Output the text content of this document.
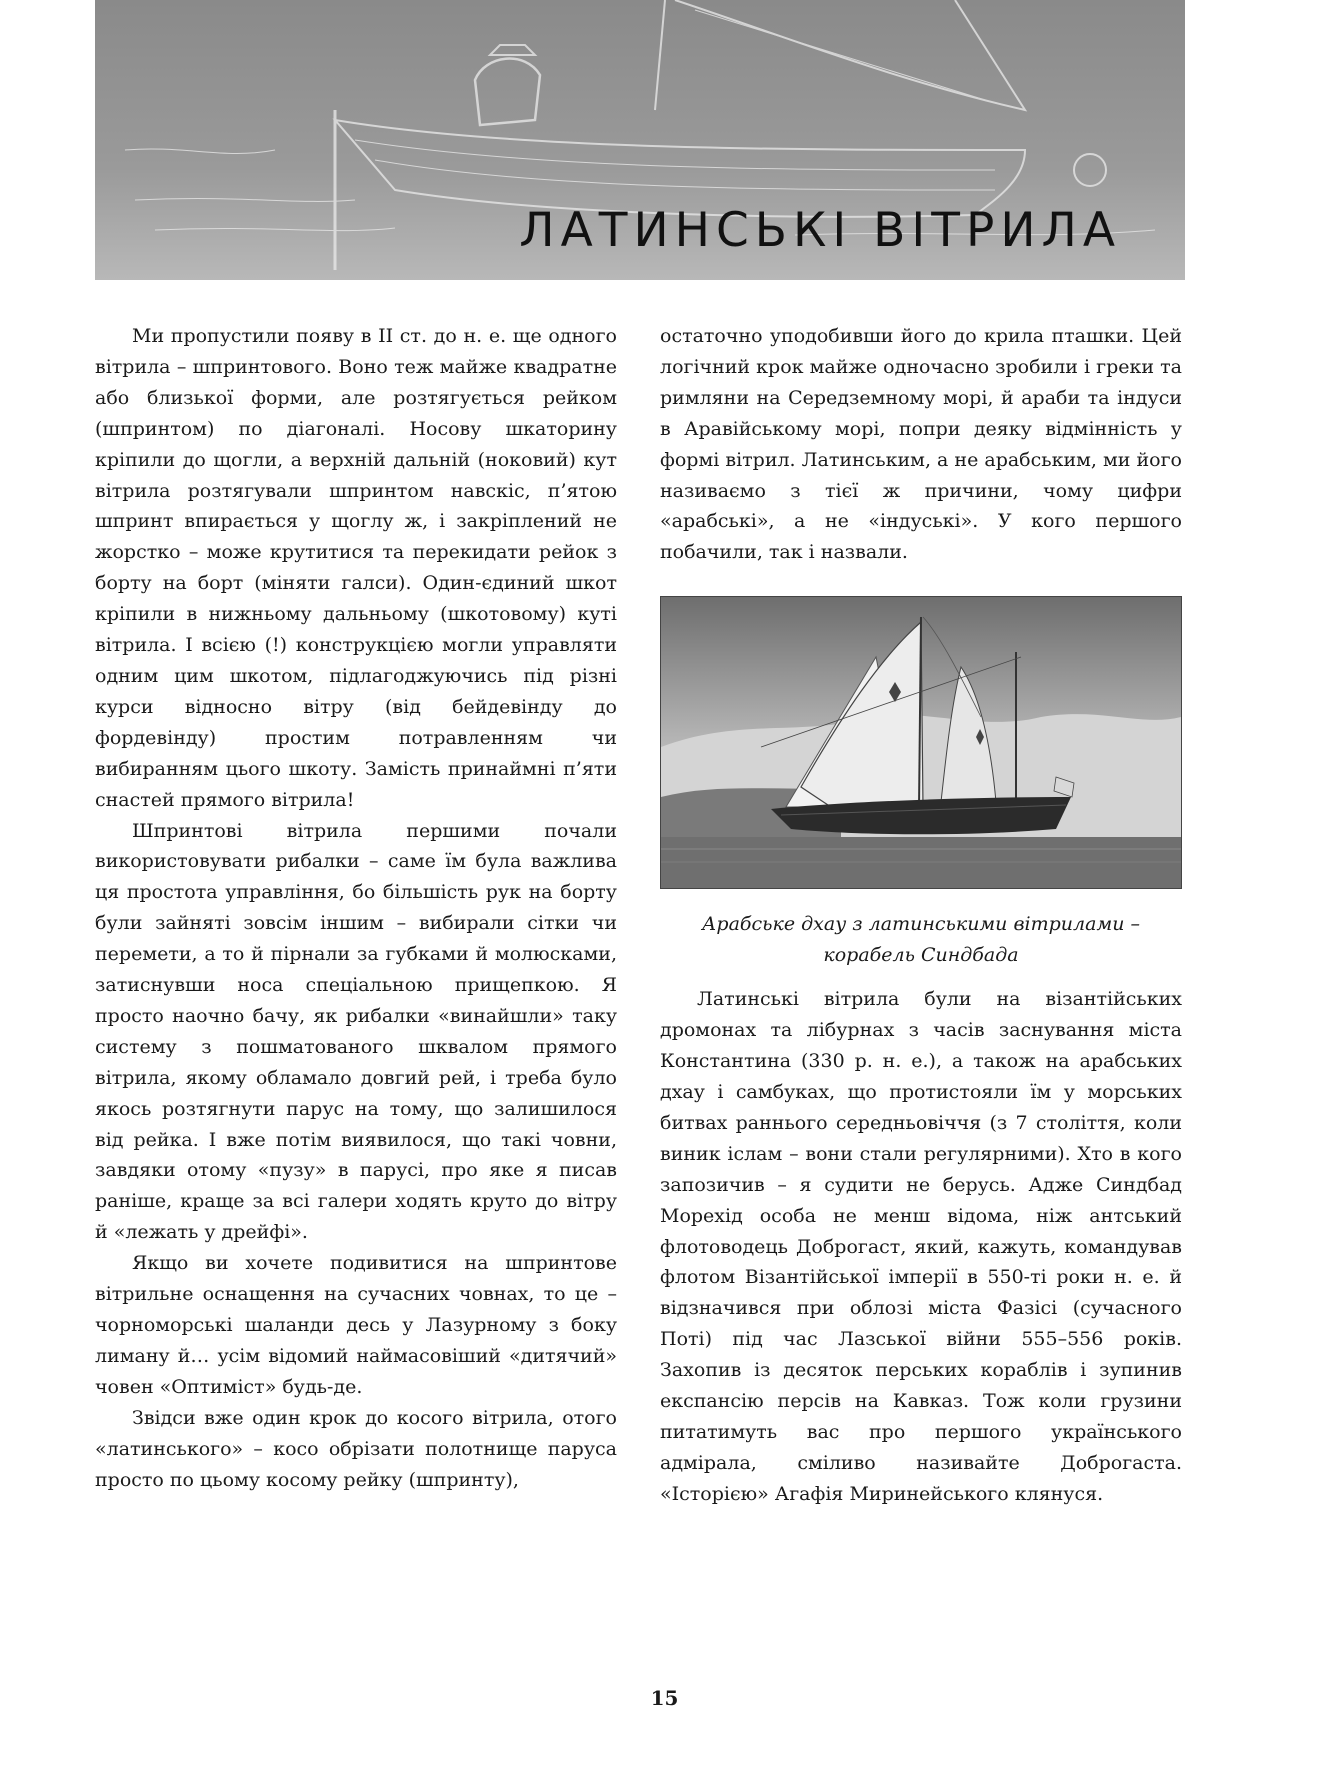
ЛАТИНСЬКІ ВІТРИЛА

Ми пропустили появу в II ст. до н. е. ще одного вітрила – шпринтового. Воно теж майже квадратне або близької форми, але розтягується рейком (шпринтом) по діагоналі. Носову шкаторину кріпили до щогли, а верхній дальній (ноковий) кут вітрила розтягували шпринтом навскіс, п’ятою шпринт впирається у щоглу ж, і закріплений не жорстко – може крутитися та перекидати рейок з борту на борт (міняти галси). Один-єдиний шкот кріпили в нижньому дальньому (шкотовому) куті вітрила. І всією (!) конструкцією могли управляти одним цим шкотом, підлагоджуючись під різні курси відносно вітру (від бейдевінду до фордевінду) простим потравленням чи вибиранням цього шкоту. Замість принаймні п’яти снастей прямого вітрила!

Шпринтові вітрила першими почали використовувати рибалки – саме їм була важлива ця простота управління, бо більшість рук на борту були зайняті зовсім іншим – вибирали сітки чи перемети, а то й пірнали за губками й молюсками, затиснувши носа спеціальною прищепкою. Я просто наочно бачу, як рибалки «винайшли» таку систему з пошматованого шквалом прямого вітрила, якому обламало довгий рей, і треба було якось розтягнути парус на тому, що залишилося від рейка. І вже потім виявилося, що такі човни, завдяки отому «пузу» в парусі, про яке я писав раніше, краще за всі галери ходять круто до вітру й «лежать у дрейфі».

Якщо ви хочете подивитися на шпринтове вітрильне оснащення на сучасних човнах, то це – чорноморські шаланди десь у Лазурному з боку лиману й… усім відомий наймасовіший «дитячий» човен «Оптиміст» будь-де.

Звідси вже один крок до косого вітрила, отого «латинського» – косо обрізати полотнище паруса просто по цьому косому рейку (шпринту),

остаточно уподобивши його до крила пташки. Цей логічний крок майже одночасно зробили і греки та римляни на Середземному морі, й араби та індуси в Аравійському морі, попри деяку відмінність у формі вітрил. Латинським, а не арабським, ми його називаємо з тієї ж причини, чому цифри «арабські», а не «індуські». У кого першого побачили, так і назвали.

Арабське дхау з латинськими вітрилами –
корабель Синдбада

Латинські вітрила були на візантійських дромонах та лібурнах з часів заснування міста Константина (330 р. н. е.), а також на арабських дхау і самбуках, що протистояли їм у морських битвах раннього середньовіччя (з 7 століття, коли виник іслам – вони стали регулярними). Хто в кого запозичив – я судити не берусь. Адже Синдбад Морехід особа не менш відома, ніж антський флотоводець Доброгаст, який, кажуть, командував флотом Візантійської імперії в 550-ті роки н. е. й відзначився при облозі міста Фазісі (сучасного Поті) під час Лазської війни 555–556 років. Захопив із десяток перських кораблів і зупинив експансію персів на Кавказ. Тож коли грузини питатимуть вас про першого українського адмірала, сміливо називайте Доброгаста. «Історією» Агафія Миринейського клянуся.

15
